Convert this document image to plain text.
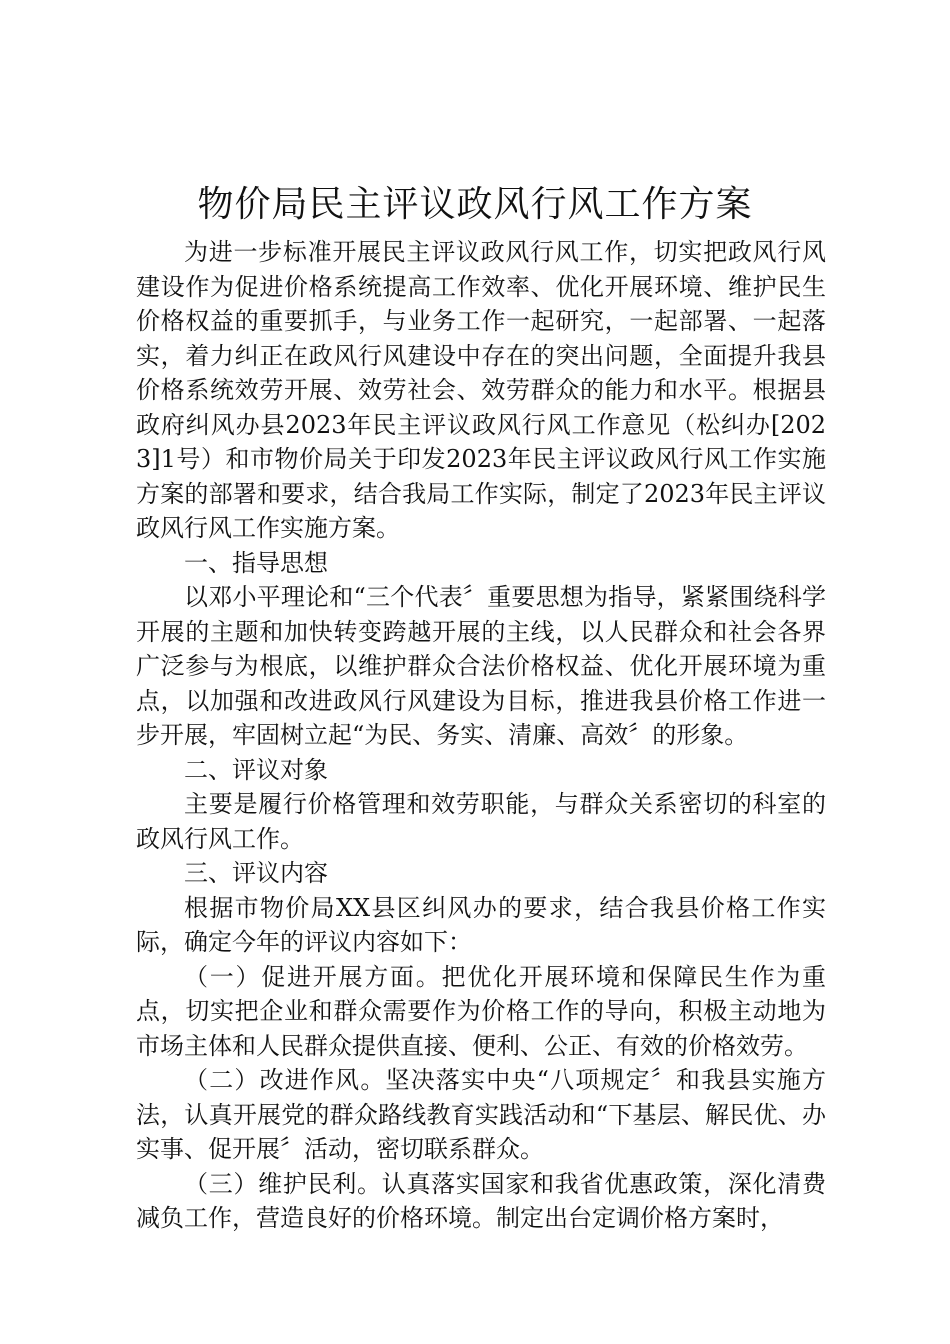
物价局民主评议政风行风工作方案

为进一步标准开展民主评议政风行风工作，切实把政风行风建设作为促进价格系统提高工作效率、优化开展环境、维护民生价格权益的重要抓手，与业务工作一起研究，一起部署、一起落实，着力纠正在政风行风建设中存在的突出问题，全面提升我县价格系统效劳开展、效劳社会、效劳群众的能力和水平。根据县政府纠风办县2023年民主评议政风行风工作意见（松纠办[2023]1号）和市物价局关于印发2023年民主评议政风行风工作实施方案的部署和要求，结合我局工作实际，制定了2023年民主评议政风行风工作实施方案。

一、指导思想

以邓小平理论和“三个代表〞重要思想为指导，紧紧围绕科学开展的主题和加快转变跨越开展的主线，以人民群众和社会各界广泛参与为根底，以维护群众合法价格权益、优化开展环境为重点，以加强和改进政风行风建设为目标，推进我县价格工作进一步开展，牢固树立起“为民、务实、清廉、高效〞的形象。

二、评议对象

主要是履行价格管理和效劳职能，与群众关系密切的科室的政风行风工作。

三、评议内容

根据市物价局XX县区纠风办的要求，结合我县价格工作实际，确定今年的评议内容如下：

（一）促进开展方面。把优化开展环境和保障民生作为重点，切实把企业和群众需要作为价格工作的导向，积极主动地为市场主体和人民群众提供直接、便利、公正、有效的价格效劳。

（二）改进作风。坚决落实中央“八项规定〞和我县实施方法，认真开展党的群众路线教育实践活动和“下基层、解民优、办实事、促开展〞活动，密切联系群众。

（三）维护民利。认真落实国家和我省优惠政策，深化清费减负工作，营造良好的价格环境。制定出台定调价格方案时，
